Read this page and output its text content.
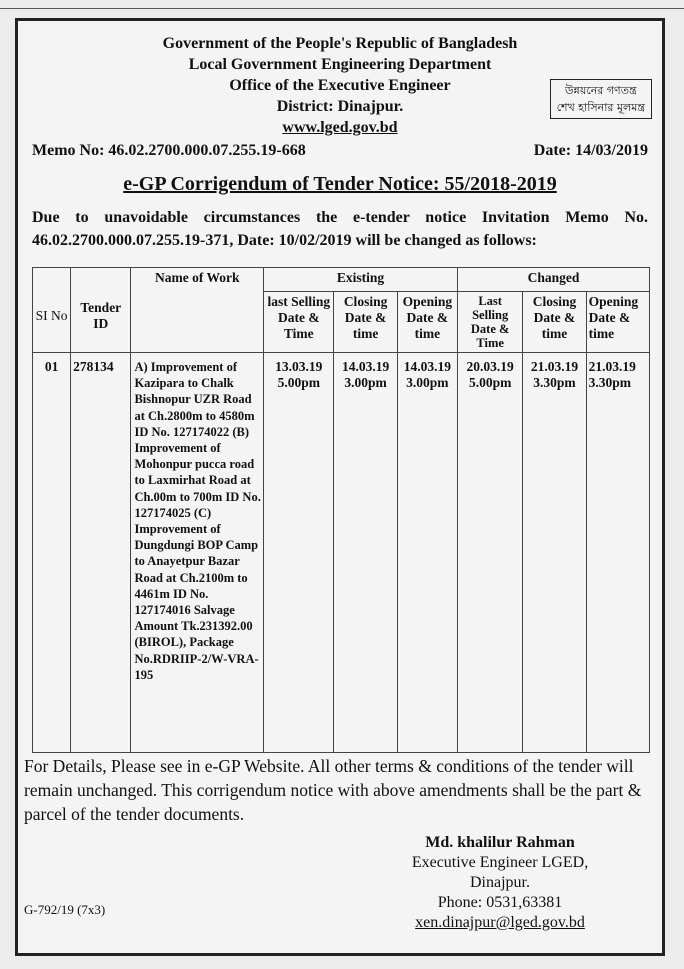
Government of the People's Republic of Bangladesh
Local Government Engineering Department
Office of the Executive Engineer
District: Dinajpur.
www.lged.gov.bd
উন্নয়নের গণতন্ত্র
শেখ হাসিনার মূলমন্ত্র
Memo No: 46.02.2700.000.07.255.19-668	Date: 14/03/2019
e-GP Corrigendum of Tender Notice: 55/2018-2019
Due to unavoidable circumstances the e-tender notice Invitation Memo No. 46.02.2700.000.07.255.19-371, Date: 10/02/2019 will be changed as follows:
SI No	Tender ID	Name of Work	Existing			Changed		
			last Selling Date & Time	Closing Date & time	Opening Date & time	Last Selling Date & Time	Closing Date & time	Opening Date & time
01	278134	A) Improvement of Kazipara to Chalk Bishnopur UZR Road at Ch.2800m to 4580m ID No. 127174022 (B) Improvement of Mohonpur pucca road to Laxmirhat Road at Ch.00m to 700m ID No. 127174025 (C) Improvement of Dungdungi BOP Camp to Anayetpur Bazar Road at Ch.2100m to 4461m ID No. 127174016 Salvage Amount Tk.231392.00 (BIROL), Package No.RDRIIP-2/W-VRA-195	13.03.19 5.00pm	14.03.19 3.00pm	14.03.19 3.00pm	20.03.19 5.00pm	21.03.19 3.30pm	21.03.19 3.30pm
For Details, Please see in e-GP Website. All other terms & conditions of the tender will remain unchanged. This corrigendum notice with above amendments shall be the part & parcel of the tender documents.
Md. khalilur Rahman
Executive Engineer LGED,
Dinajpur.
Phone: 0531,63381
xen.dinajpur@lged.gov.bd
G-792/19 (7x3)
